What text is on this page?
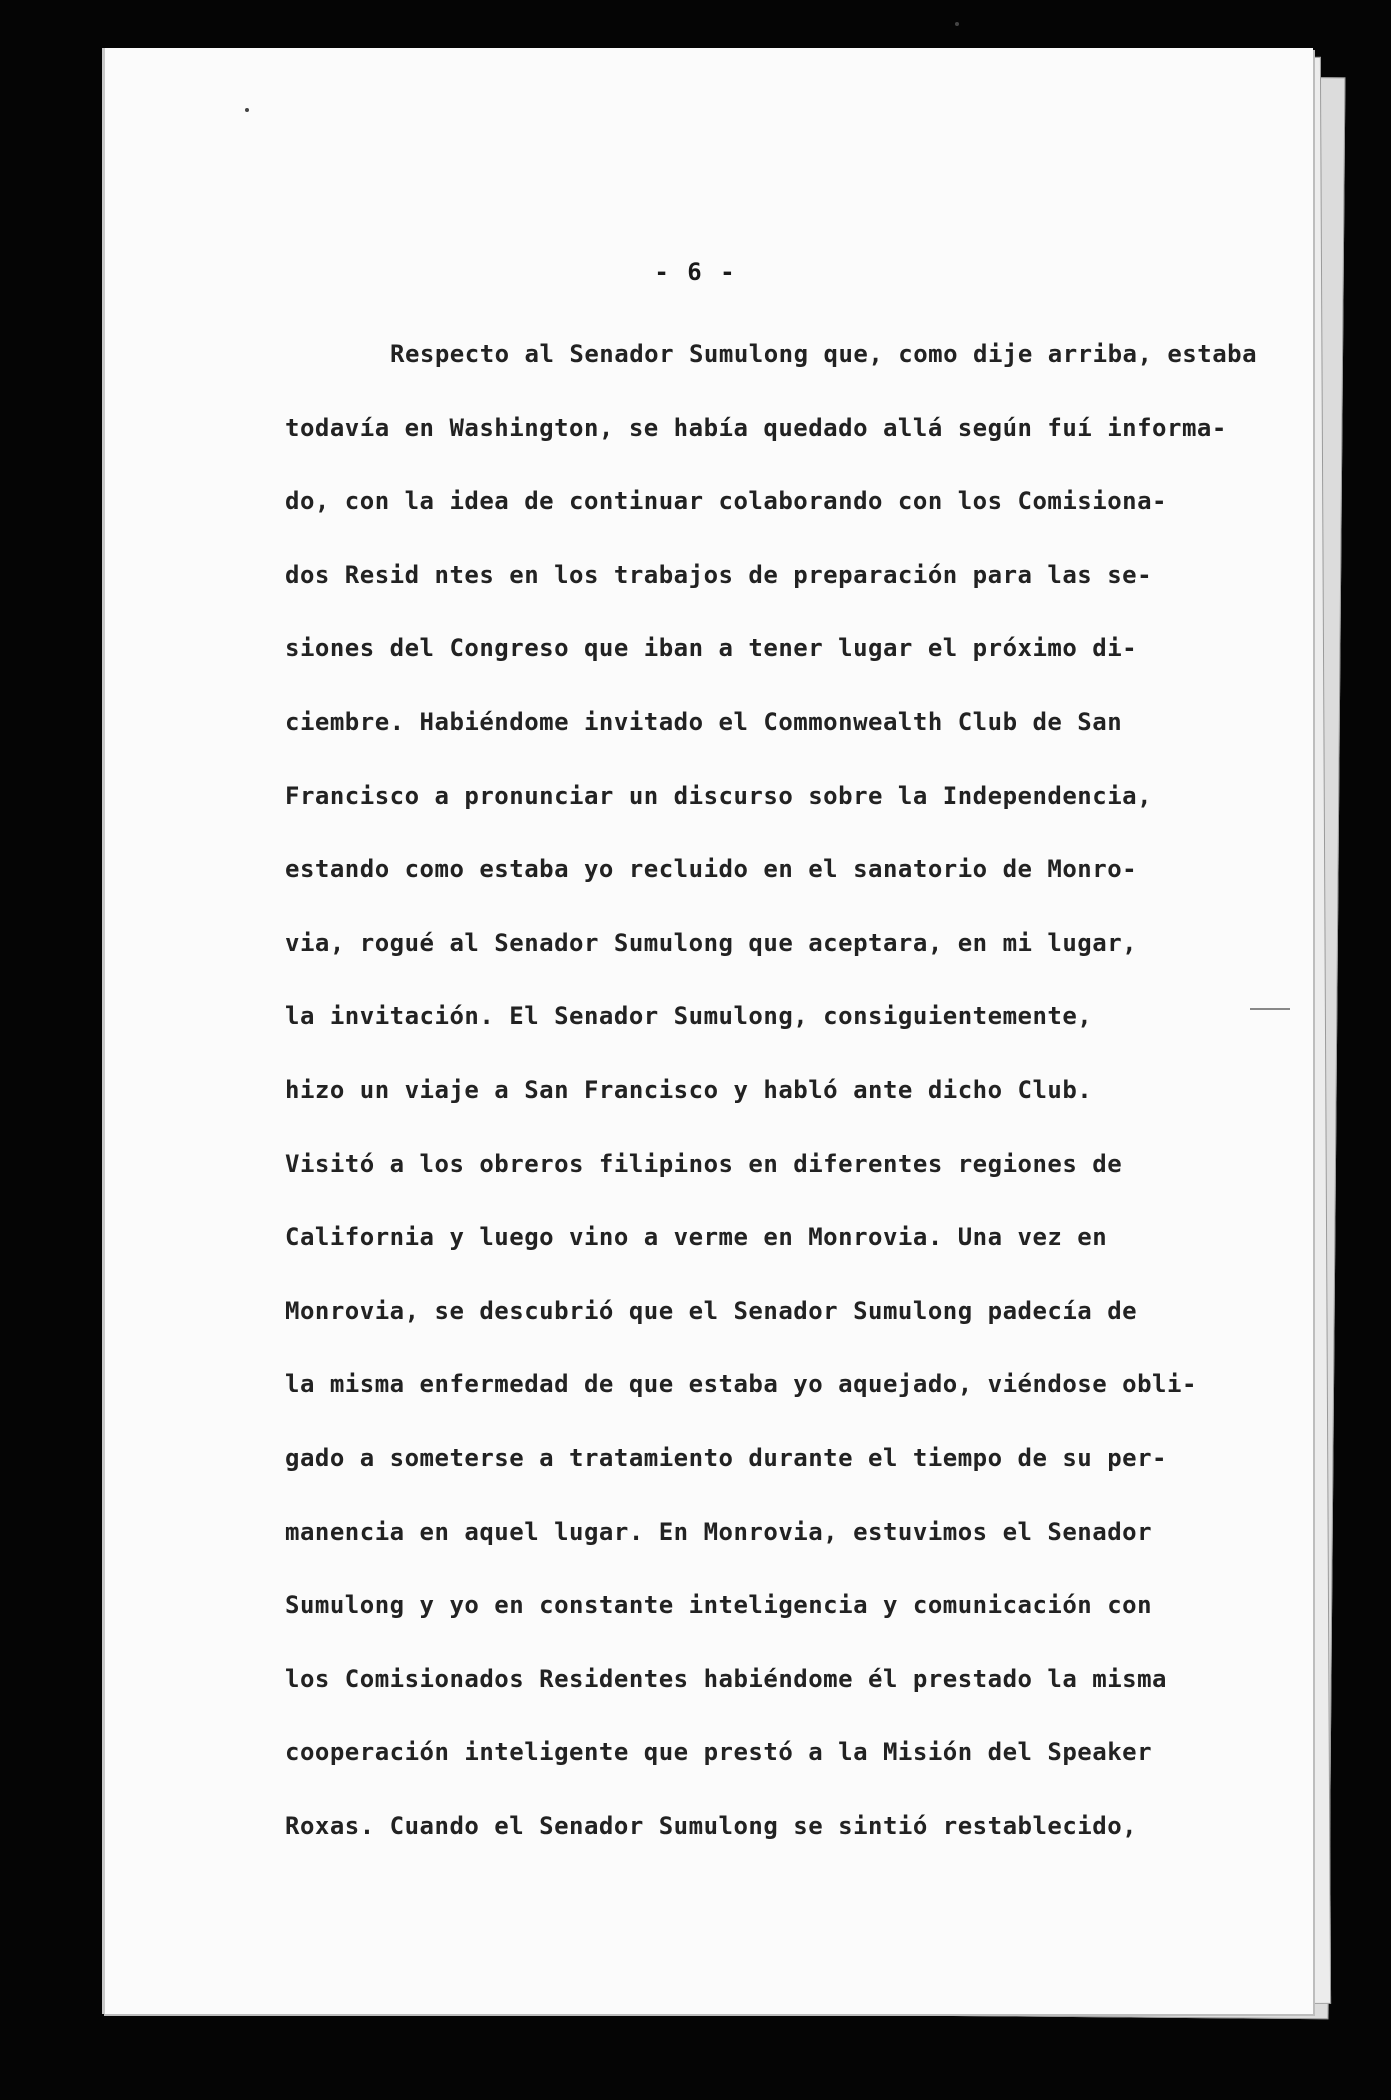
- 6 -
Respecto al Senador Sumulong que, como dije arriba, estaba
todavía en Washington, se había quedado allá según fuí informa-
do, con la idea de continuar colaborando con los Comisiona-
dos Resid ntes en los trabajos de preparación para las se-
siones del Congreso que iban a tener lugar el próximo di-
ciembre. Habiéndome invitado el Commonwealth Club de San
Francisco a pronunciar un discurso sobre la Independencia,
estando como estaba yo recluido en el sanatorio de Monro-
via, rogué al Senador Sumulong que aceptara, en mi lugar,
la invitación. El Senador Sumulong, consiguientemente,
hizo un viaje a San Francisco y habló ante dicho Club.
Visitó a los obreros filipinos en diferentes regiones de
California y luego vino a verme en Monrovia. Una vez en
Monrovia, se descubrió que el Senador Sumulong padecía de
la misma enfermedad de que estaba yo aquejado, viéndose obli-
gado a someterse a tratamiento durante el tiempo de su per-
manencia en aquel lugar. En Monrovia, estuvimos el Senador
Sumulong y yo en constante inteligencia y comunicación con
los Comisionados Residentes habiéndome él prestado la misma
cooperación inteligente que prestó a la Misión del Speaker
Roxas. Cuando el Senador Sumulong se sintió restablecido,
